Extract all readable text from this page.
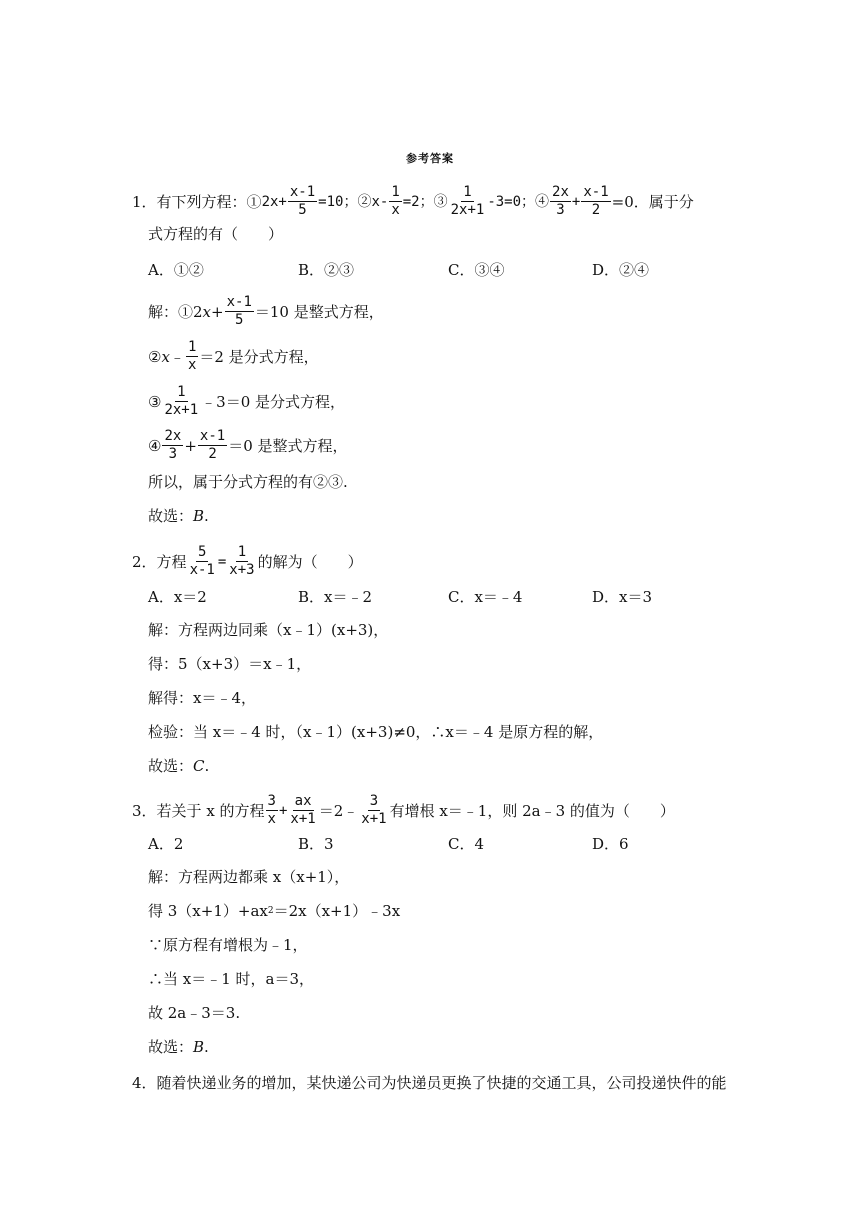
参考答案
1． 有下列方程：① $2x+ \frac{x-1}{5} =10$；② $x- \frac{1}{x} =2$；③ $\frac{1}{2x+1} -3=0$；④ $\frac{2x}{3} + \frac{x-1}{2} =0$．属于分
式方程的有（　　）
A．①②	B．②③	C．③④	D．②④
解：①2 $x + \frac{x-1}{5} =10$ 是整式方程，
② x ﹣ $\frac{1}{x} =2$ 是分式方程，
③ $\frac{1}{2x+1}$ ﹣3＝0 是分式方程，
④ $\frac{2x}{3} + \frac{x-1}{2} =0$ 是整式方程，
所以，属于分式方程的有②③.
故选： B .
2． 方程 $\frac{5}{x-1} = \frac{1}{x+3}$ 的解为（　　）
A．x＝2	B．x＝﹣2	C．x＝﹣4	D．x＝3
解：方程两边同乘（x﹣1）(x+3)，
得：5（x+3）＝x﹣1，
解得：x＝﹣4，
检验：当 x＝﹣4 时，（x﹣1）(x+3)≠0，∴x＝﹣4 是原方程的解，
故选： C .
3． 若关于 x 的方程 $\frac{3}{x} + \frac{ax}{x+1}$ ＝2﹣ $\frac{3}{x+1}$ 有增根 x＝﹣1，则 2a﹣3 的值为（　　）
A．2	B．3	C．4	D．6
解：方程两边都乘 x（x+1），
得 3（x+1）+ax 2 ＝2x（x+1）﹣3x
∵原方程有增根为﹣1，
∴当 x＝﹣1 时，a＝3，
故 2a﹣3＝3.
故选： B .
4． 随着快递业务的增加，某快递公司为快递员更换了快捷的交通工具，公司投递快件的能
